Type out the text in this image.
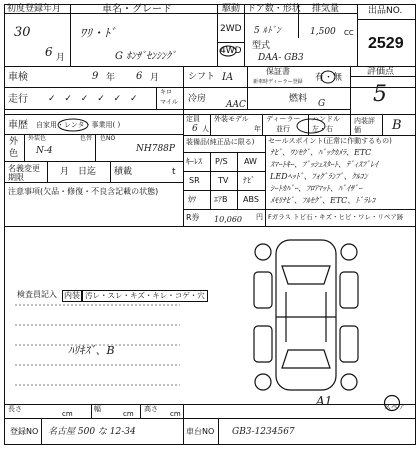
初度登録年月
30
6 月
車名・グレード
ﾜﾘ・ﾄﾞ
G ﾎﾝｻﾞｾﾝｼﾝｸﾞ
駆動
2WD
4WD
ドア数・形状
5 ﾙﾄﾞﾝ
型式
DAA- GB3
排気量
1,500 CC
出品NO.
2529
車検	9 年 6 月	シフト IA
保証書
新車時ディーラー登録 有・無
評価点
5
走行 ✓ ✓ ✓ ✓ ✓ ✓
キロ
マイル 冷房
AAC
燃料 G
車歴 自家用・レンタ・事業用( )
定員
6 人
外装モデル
年
ディーラー
並行
ハンドル
左・右
内装評価	B
外
色
外装色
N-4
色替 色NO
NH788P
名義変更期限
月 日迄 積載	t
装備品(純正品に限る)
ｷｰﾚｽ P/S AW
SR TV ﾅﾋﾞ
ｶﾜ ｴｱB ABS
R券 10,060 円
セールスポイント(正常に作動するもの)
ﾅﾋﾞ、ﾜﾝｾｸﾞ、ﾊﾞｯｸｶﾒﾗ、ETC
ｽﾏｰﾄｷｰ、ﾌﾟｯｼｭｽﾀｰﾄ、ﾃﾞｨｽﾌﾟﾚｲ
LEDﾍｯﾄﾞ、ﾌｫｸﾞﾗﾝﾌﾟ、ｸﾙｺﾝ
ｼｰﾄｶﾊﾞｰ、ﾌﾛｱﾏｯﾄ、ﾊﾞｲｻﾞｰ
ﾒﾓﾘﾅﾋﾞ、ﾌﾙｾｸﾞ、ETC、ﾄﾞﾗﾚｺ
Fガラス トビ石・キズ・ヒビ・ワレ・リペア跡
注意事項(欠品・修復・不良含記載の状態)
検査員記入 内装 汚レ・スレ・キズ・キレ・コゲ・穴
ﾊﾘｷｽﾞ、B
A1	スペア
長さ
cm
幅
cm
高さ
cm
登録NO 名古屋 500 な 12-34	車台NO GB3-1234567
